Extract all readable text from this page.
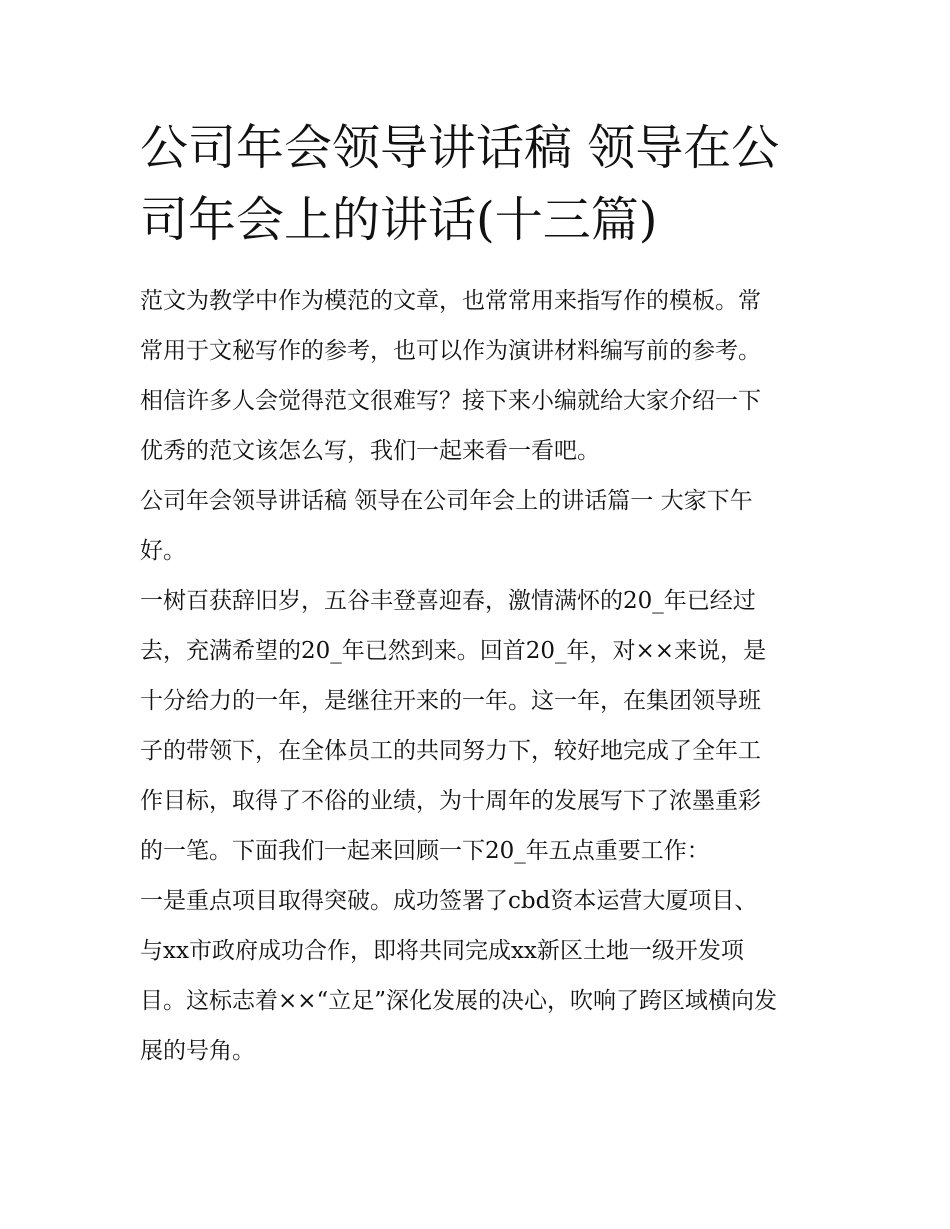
公司年会领导讲话稿 领导在公
司年会上的讲话(十三篇)
范文为教学中作为模范的文章，也常常用来指写作的模板。常
常用于文秘写作的参考，也可以作为演讲材料编写前的参考。
相信许多人会觉得范文很难写？接下来小编就给大家介绍一下
优秀的范文该怎么写，我们一起来看一看吧。
公司年会领导讲话稿 领导在公司年会上的讲话篇一 大家下午
好。
一树百获辞旧岁，五谷丰登喜迎春，激情满怀的20_年已经过
去，充满希望的20_年已然到来。回首20_年，对××来说，是
十分给力的一年，是继往开来的一年。这一年，在集团领导班
子的带领下，在全体员工的共同努力下，较好地完成了全年工
作目标，取得了不俗的业绩，为十周年的发展写下了浓墨重彩
的一笔。下面我们一起来回顾一下20_年五点重要工作：
一是重点项目取得突破。成功签署了cbd资本运营大厦项目、
与xx市政府成功合作，即将共同完成xx新区土地一级开发项
目。这标志着××“立足”深化发展的决心，吹响了跨区域横向发
展的号角。
